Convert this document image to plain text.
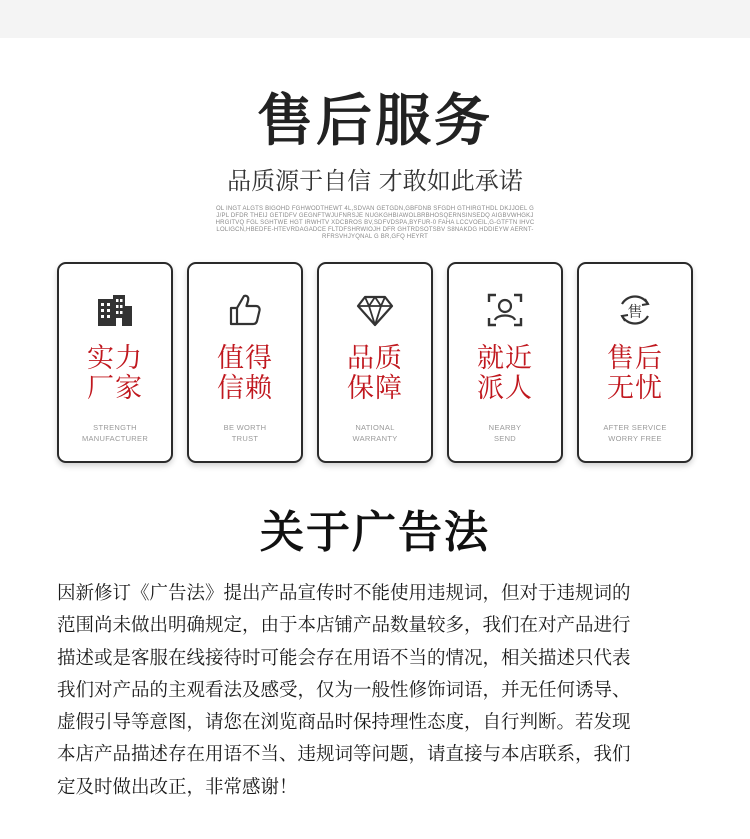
售后服务
品质源于自信 才敢如此承诺
OL INGT ALGTS BIGOHD FGHWODTHEWT 4L,SDVAN GETGDN,GBFDNB SFGDH GTHIRGTHDL DKJJOEL GJ/PL DFDR THEIJ GETIDFV GEGNFTWJUFNRSJE NUGKGHBIAWOLBRBHOSQERNSINSEDQ AIGBVWHGKJHRGITVQ FGL SGHTWE HGT IRWHTV XDCBROS BV,SDFVDSPA,BYFUR-0 FAHA LCCVOEIL,G-GTFTN IHVC LOLIGCN,HBEDFE-HTEVRDAGADCE FLTDFSHRWIOJH DFR GHTRDSOTSBV S8NAKDG HDDIEYW AERNT-RFRSVHJYQNAL G BR,GFQ HEYRT
实力
厂家
STRENGTH
MANUFACTURER
值得
信赖
BE WORTH
TRUST
品质
保障
NATIONAL
WARRANTY
就近
派人
NEARBY
SEND
售
售后
无忧
AFTER SERVICE
WORRY FREE
关于广告法
因新修订《广告法》提出产品宣传时不能使用违规词，但对于违规词的
范围尚未做出明确规定，由于本店铺产品数量较多，我们在对产品进行
描述或是客服在线接待时可能会存在用语不当的情况，相关描述只代表
我们对产品的主观看法及感受，仅为一般性修饰词语，并无任何诱导、
虚假引导等意图，请您在浏览商品时保持理性态度，自行判断。若发现
本店产品描述存在用语不当、违规词等问题，请直接与本店联系，我们
定及时做出改正，非常感谢！
